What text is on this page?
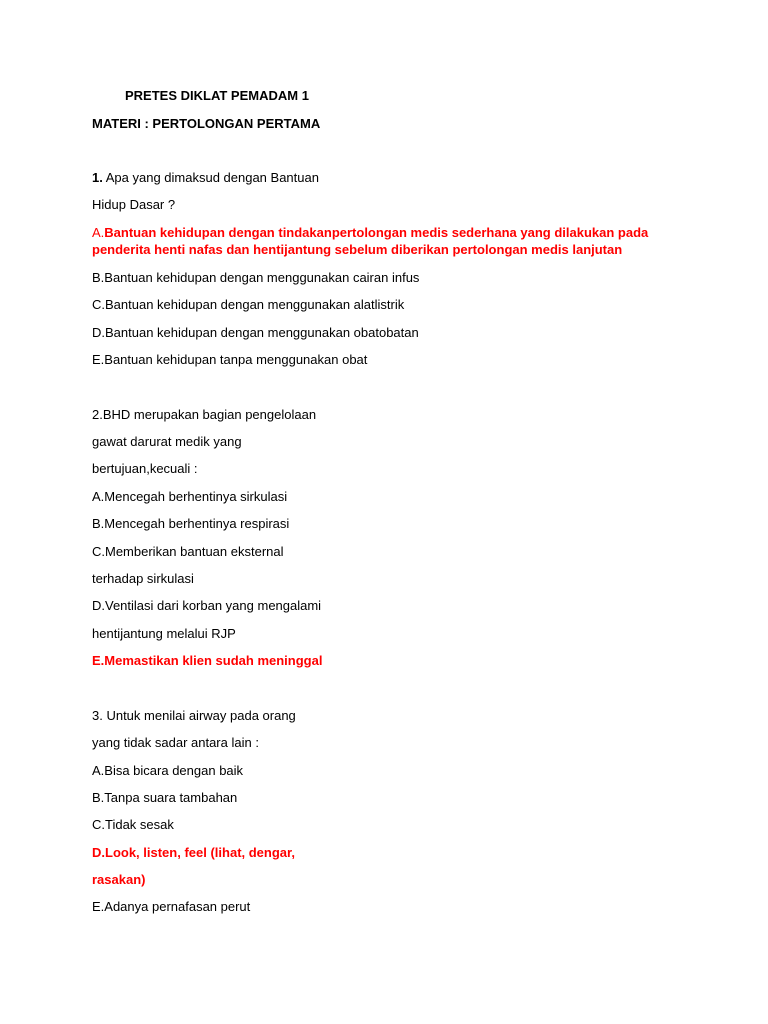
PRETES DIKLAT PEMADAM 1
MATERI : PERTOLONGAN PERTAMA
1. Apa yang dimaksud dengan Bantuan
Hidup Dasar ?
A.Bantuan kehidupan dengan tindakanpertolongan medis sederhana yang dilakukan pada
penderita henti nafas dan hentijantung sebelum diberikan pertolongan medis lanjutan
B.Bantuan kehidupan dengan menggunakan cairan infus
C.Bantuan kehidupan dengan menggunakan alatlistrik
D.Bantuan kehidupan dengan menggunakan obatobatan
E.Bantuan kehidupan tanpa menggunakan obat
2.BHD merupakan bagian pengelolaan
gawat darurat medik yang
bertujuan,kecuali :
A.Mencegah berhentinya sirkulasi
B.Mencegah berhentinya respirasi
C.Memberikan bantuan eksternal
terhadap sirkulasi
D.Ventilasi dari korban yang mengalami
hentijantung melalui RJP
E.Memastikan klien sudah meninggal
3. Untuk menilai airway pada orang
yang tidak sadar antara lain :
A.Bisa bicara dengan baik
B.Tanpa suara tambahan
C.Tidak sesak
D.Look, listen, feel (lihat, dengar,
rasakan)
E.Adanya pernafasan perut
